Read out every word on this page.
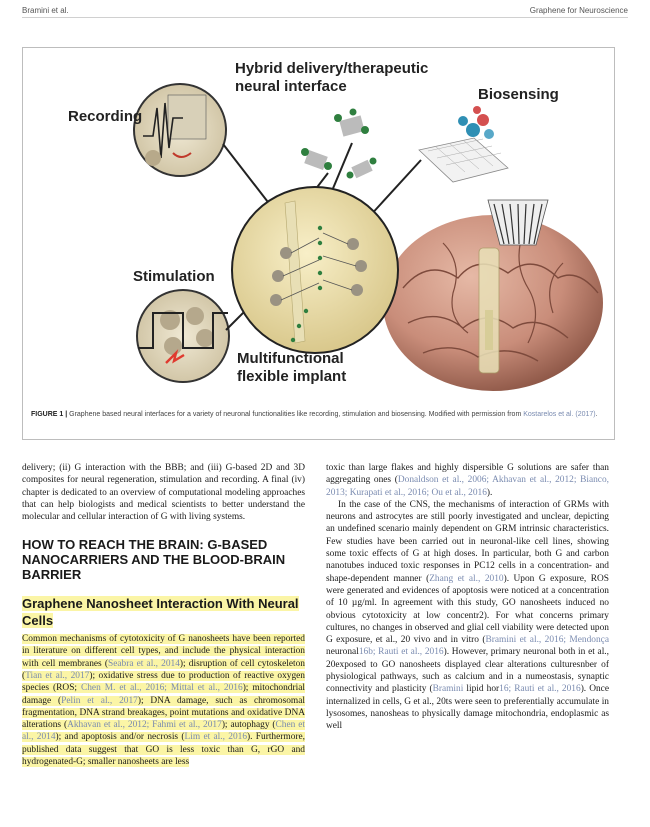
Bramini et al.	Graphene for Neuroscience
Recording
Hybrid delivery/therapeutic
neural interface	Biosensing
Stimulation
Multifunctional
flexible implant
FIGURE 1 | Graphene based neural interfaces for a variety of neuronal functionalities like recording, stimulation and biosensing. Modified with permission from Kostarelos et al. (2017).

delivery; (ii) G interaction with the BBB; and (iii) G-based 2D and 3D composites for neural regeneration, stimulation and recording. A final (iv) chapter is dedicated to an overview of computational modeling approaches that can help biologists and medical scientists to better understand the molecular and cellular interaction of G with living systems.

HOW TO REACH THE BRAIN: G-BASED NANOCARRIERS AND THE BLOOD-BRAIN BARRIER
Graphene Nanosheet Interaction With Neural Cells

Common mechanisms of cytotoxicity of G nanosheets have been reported in literature on different cell types, and include the physical interaction with cell membranes (Seabra et al., 2014); disruption of cell cytoskeleton (Tian et al., 2017); oxidative stress due to production of reactive oxygen species (ROS; Chen M. et al., 2016; Mittal et al., 2016); mitochondrial damage (Pelin et al., 2017); DNA damage, such as chromosomal fragmentation, DNA strand breakages, point mutations and oxidative DNA alterations (Akhavan et al., 2012; Fahmi et al., 2017); autophagy (Chen et al., 2014); and apoptosis and/or necrosis (Lim et al., 2016). Furthermore, published data suggest that GO is less toxic than G, rGO and hydrogenated-G; smaller nanosheets are less

toxic than large flakes and highly dispersible G solutions are safer than aggregating ones (Donaldson et al., 2006; Akhavan et al., 2012; Bianco, 2013; Kurapati et al., 2016; Ou et al., 2016).

In the case of the CNS, the mechanisms of interaction of GRMs with neurons and astrocytes are still poorly investigated and unclear, depicting an undefined scenario mainly dependent on GRM intrinsic characteristics. Few studies have been carried out in neuronal-like cell lines, showing some toxic effects of G at high doses. In particular, both G and carbon nanotubes induced toxic responses in PC12 cells in a concentration- and shape-dependent manner (Zhang et al., 2010). Upon G exposure, ROS were generated and evidences of apoptosis were noticed at a concentration of 10 µg/ml. In agreement with this study, GO nanosheets induced no obvious cytotoxicity at low concentr2). For what concerns primary cultures, no changes in observed and glial cell viability were detected upon G exposure, et al., 20 vivo and in vitro (Bramini et al., 2016; Mendonça neuronal16b; Rauti et al., 2016). However, primary neuronal both in et al., 20exposed to GO nanosheets displayed clear alterations culturesnber of physiological pathways, such as calcium and in a numeostasis, synaptic connectivity and plasticity (Bramini lipid hor16; Rauti et al., 2016). Once internalized in cells, G et al., 20ts were seen to preferentially accumulate in lysosomes, nanosheas to physically damage mitochondria, endoplasmic as well
